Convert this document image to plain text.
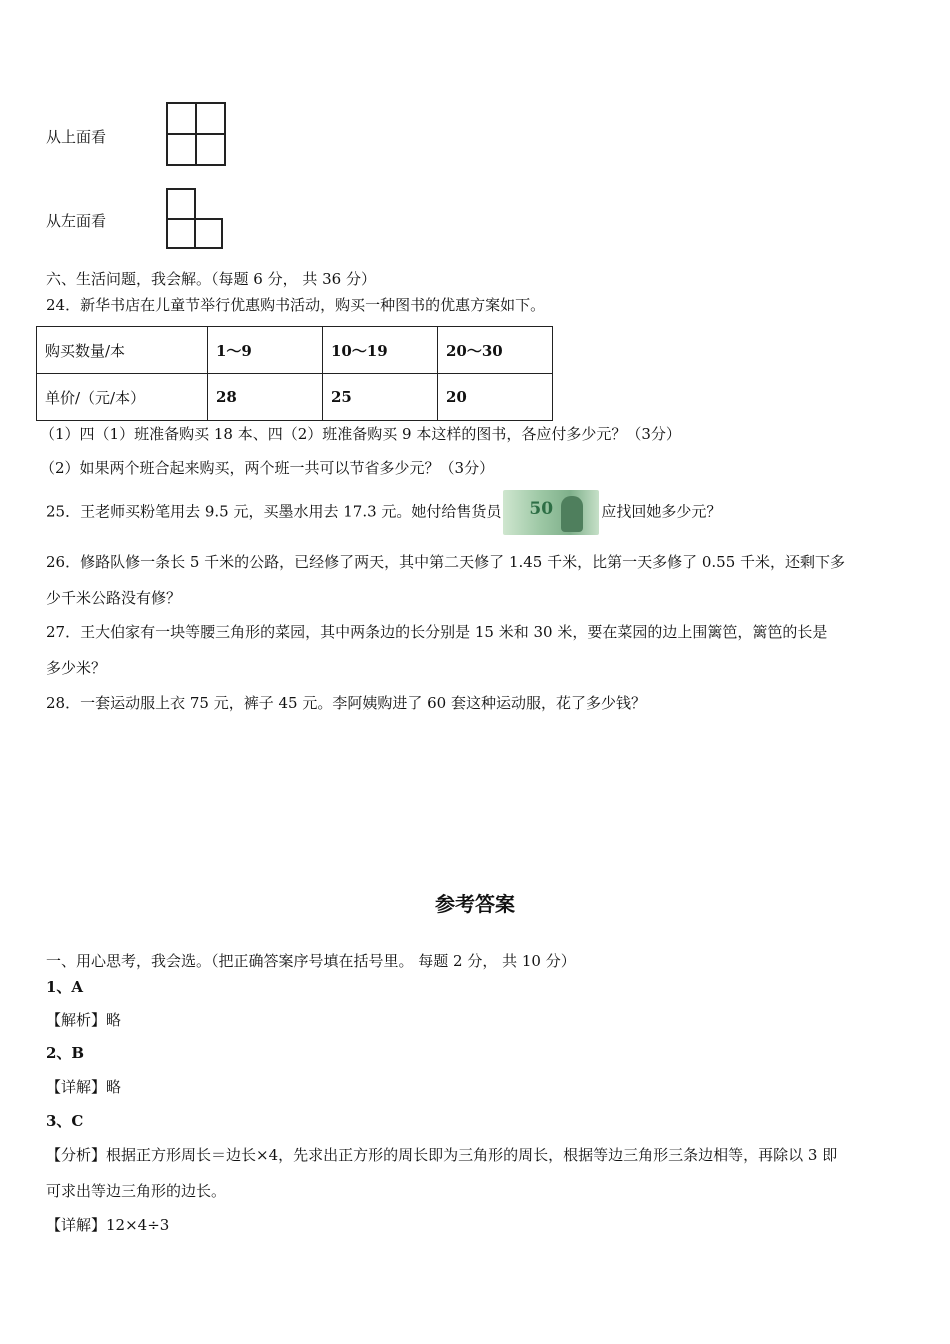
从上面看
从左面看
六、生活问题，我会解。（每题 6 分， 共 36 分）
24．新华书店在儿童节举行优惠购书活动，购买一种图书的优惠方案如下。
购买数量/本	1～9	10～19	20～30
单价/（元/本）	28	25	20
（1）四（1）班准备购买 18 本、四（2）班准备购买 9 本这样的图书，各应付多少元？（3分）
（2）如果两个班合起来购买，两个班一共可以节省多少元？（3分）
25．王老师买粉笔用去 9.5 元，买墨水用去 17.3 元。她付给售货员 50	应找回她多少元？
26．修路队修一条长 5 千米的公路，已经修了两天，其中第二天修了 1.45 千米，比第一天多修了 0.55 千米，还剩下多
少千米公路没有修？
27．王大伯家有一块等腰三角形的菜园，其中两条边的长分别是 15 米和 30 米，要在菜园的边上围篱笆，篱笆的长是
多少米？
28．一套运动服上衣 75 元，裤子 45 元。李阿姨购进了 60 套这种运动服，花了多少钱？
参考答案
一、用心思考，我会选。（把正确答案序号填在括号里。 每题 2 分， 共 10 分）
1、A
【解析】略
2、B
【详解】略
3、C
【分析】根据正方形周长＝边长×4，先求出正方形的周长即为三角形的周长，根据等边三角形三条边相等，再除以 3 即
可求出等边三角形的边长。
【详解】12×4÷3
